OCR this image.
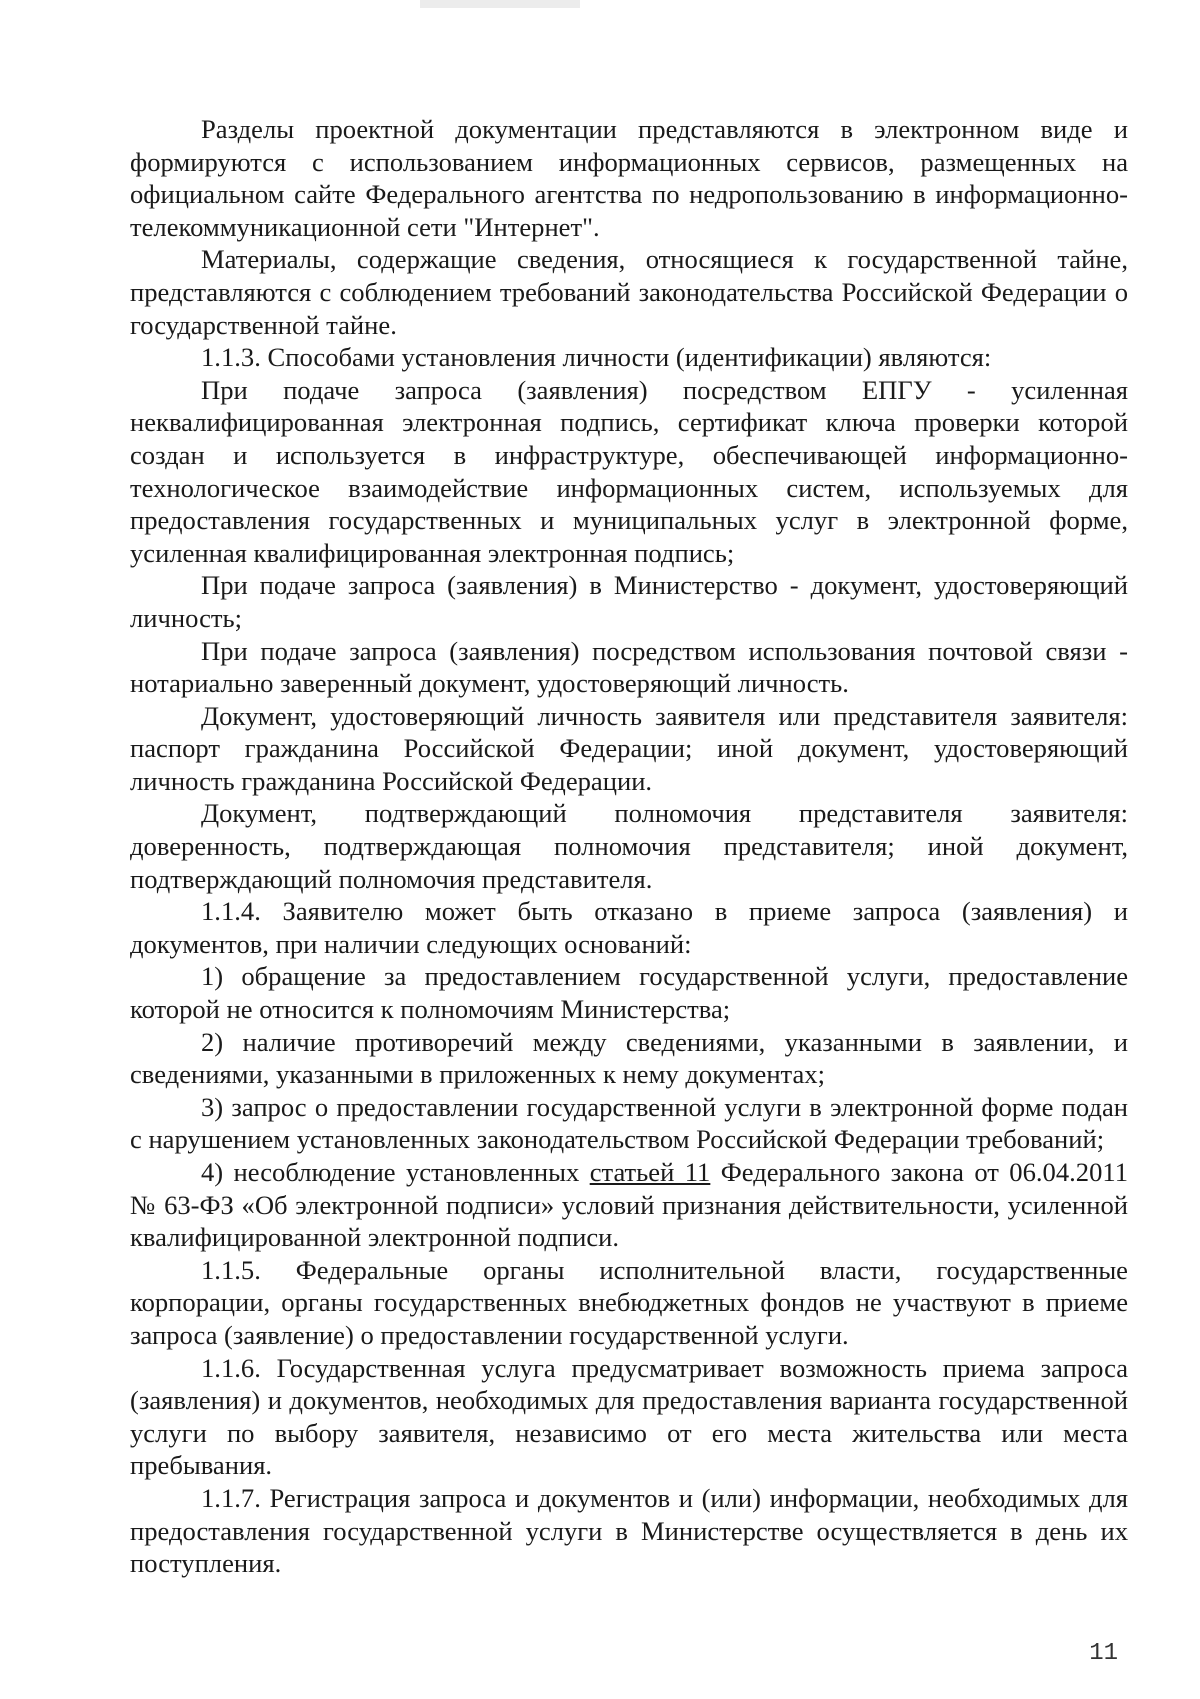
Разделы проектной документации представляются в электронном виде и формируются с использованием информационных сервисов, размещенных на официальном сайте Федерального агентства по недропользованию в информационно-телекоммуникационной сети "Интернет".

Материалы, содержащие сведения, относящиеся к государственной тайне, представляются с соблюдением требований законодательства Российской Федерации о государственной тайне.

1.1.3. Способами установления личности (идентификации) являются:

При подаче запроса (заявления) посредством ЕПГУ - усиленная неквалифицированная электронная подпись, сертификат ключа проверки которой создан и используется в инфраструктуре, обеспечивающей информационно-технологическое взаимодействие информационных систем, используемых для предоставления государственных и муниципальных услуг в электронной форме, усиленная квалифицированная электронная подпись;

При подаче запроса (заявления) в Министерство - документ, удостоверяющий личность;

При подаче запроса (заявления) посредством использования почтовой связи - нотариально заверенный документ, удостоверяющий личность.

Документ, удостоверяющий личность заявителя или представителя заявителя: паспорт гражданина Российской Федерации; иной документ, удостоверяющий личность гражданина Российской Федерации.

Документ, подтверждающий полномочия представителя заявителя: доверенность, подтверждающая полномочия представителя; иной документ, подтверждающий полномочия представителя.

1.1.4. Заявителю может быть отказано в приеме запроса (заявления) и документов, при наличии следующих оснований:

1) обращение за предоставлением государственной услуги, предоставление которой не относится к полномочиям Министерства;

2) наличие противоречий между сведениями, указанными в заявлении, и сведениями, указанными в приложенных к нему документах;

3) запрос о предоставлении государственной услуги в электронной форме подан с нарушением установленных законодательством Российской Федерации требований;

4) несоблюдение установленных статьей 11 Федерального закона от 06.04.2011 № 63-ФЗ «Об электронной подписи» условий признания действительности, усиленной квалифицированной электронной подписи.

1.1.5. Федеральные органы исполнительной власти, государственные корпорации, органы государственных внебюджетных фондов не участвуют в приеме запроса (заявление) о предоставлении государственной услуги.

1.1.6. Государственная услуга предусматривает возможность приема запроса (заявления) и документов, необходимых для предоставления варианта государственной услуги по выбору заявителя, независимо от его места жительства или места пребывания.

1.1.7. Регистрация запроса и документов и (или) информации, необходимых для предоставления государственной услуги в Министерстве осуществляется в день их поступления.

11
